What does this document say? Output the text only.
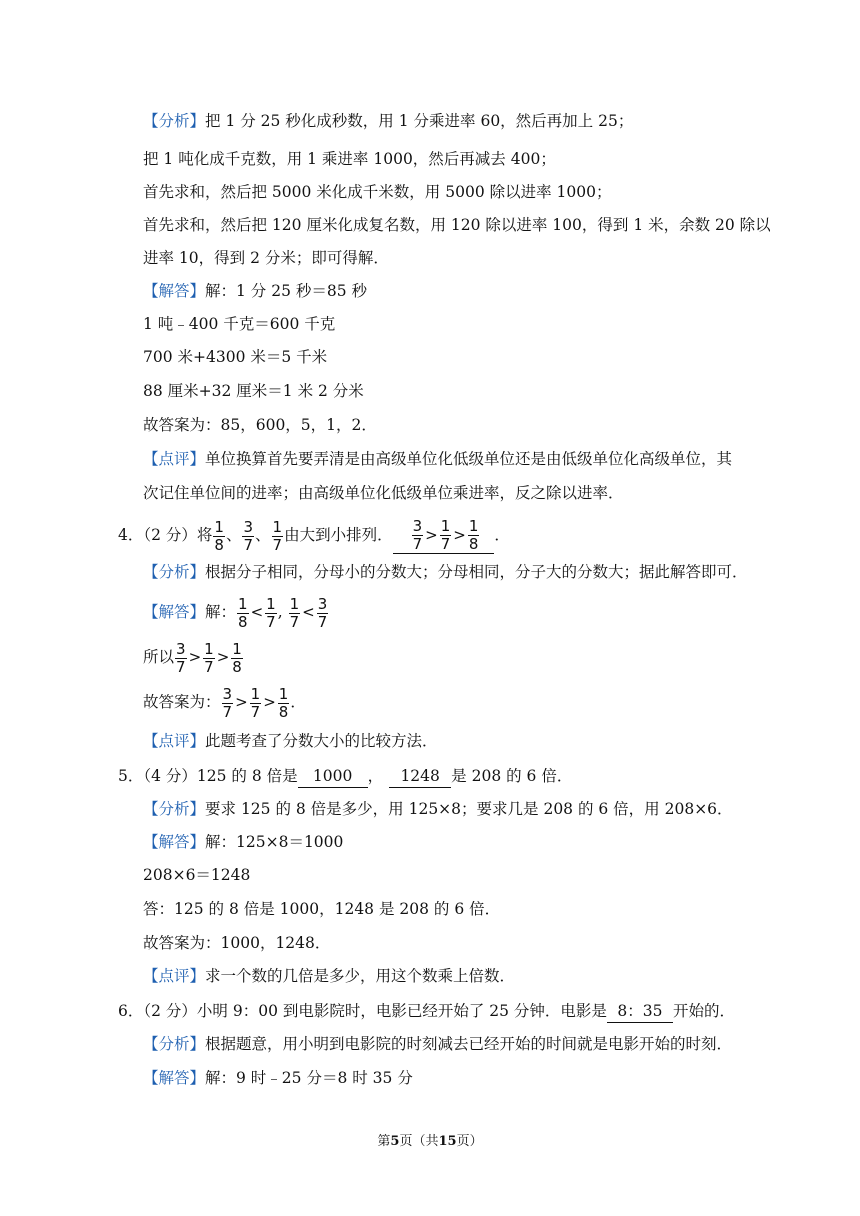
【分析】把 1 分 25 秒化成秒数，用 1 分乘进率 60，然后再加上 25；
把 1 吨化成千克数，用 1 乘进率 1000，然后再减去 400；
首先求和，然后把 5000 米化成千米数，用 5000 除以进率 1000；
首先求和，然后把 120 厘米化成复名数，用 120 除以进率 100，得到 1 米，余数 20 除以
进率 10，得到 2 分米；即可得解．
【解答】解：1 分 25 秒＝85 秒
1 吨﹣400 千克＝600 千克
700 米+4300 米＝5 千米
88 厘米+32 厘米＝1 米 2 分米
故答案为：85，600，5，1，2．
【点评】单位换算首先要弄清是由高级单位化低级单位还是由低级单位化高级单位，其
次记住单位间的进率；由高级单位化低级单位乘进率，反之除以进率．
4．（2 分）将 $\frac{1}{8}$ 、 $\frac{3}{7}$ 、 $\frac{1}{7}$ 由大到小排列． $\frac{3}{7} > \frac{1}{7} > \frac{1}{8}$ ．
【分析】根据分子相同，分母小的分数大；分母相同，分子大的分数大；据此解答即可．
【解答】解： $\frac{1}{8} < \frac{1}{7}$ , $\frac{1}{7} < \frac{3}{7}$
所以 $\frac{3}{7} > \frac{1}{7} > \frac{1}{8}$
故答案为： $\frac{3}{7} > \frac{1}{7} > \frac{1}{8}$ ．
【点评】此题考查了分数大小的比较方法．
5．（4 分）125 的 8 倍是 1000 ， 1248 是 208 的 6 倍．
【分析】要求 125 的 8 倍是多少，用 125×8；要求几是 208 的 6 倍，用 208×6．
【解答】解：125×8＝1000
208×6＝1248
答：125 的 8 倍是 1000，1248 是 208 的 6 倍．
故答案为：1000，1248．
【点评】求一个数的几倍是多少，用这个数乘上倍数．
6．（2 分）小明 9：00 到电影院时，电影已经开始了 25 分钟．电影是 8：35 开始的．
【分析】根据题意，用小明到电影院的时刻减去已经开始的时间就是电影开始的时刻．
【解答】解：9 时﹣25 分＝8 时 35 分
第5页（共15页）
